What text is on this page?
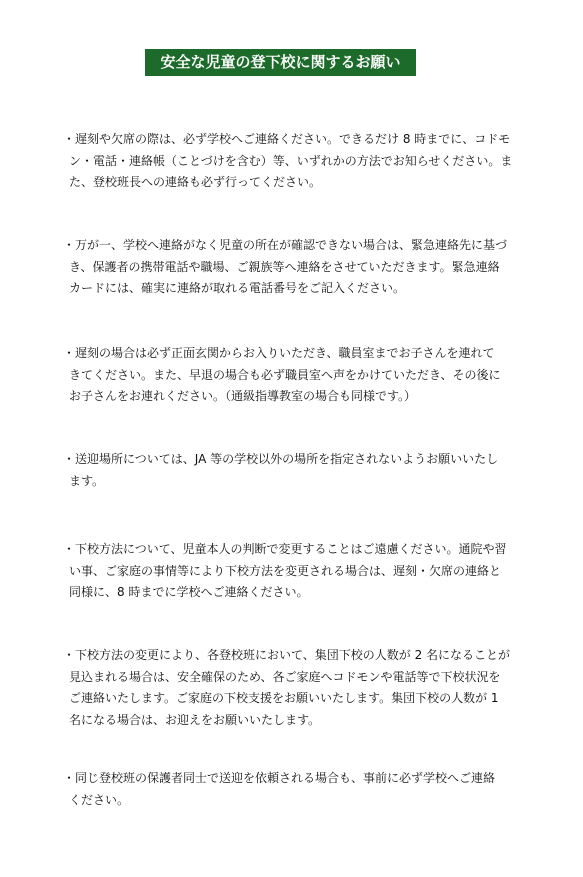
安全な児童の登下校に関するお願い
・遅刻や欠席の際は、必ず学校へご連絡ください。できるだけ 8 時までに、コドモ
ン・電話・連絡帳（ことづけを含む）等、いずれかの方法でお知らせください。ま
た、登校班長への連絡も必ず行ってください。
・万が一、学校へ連絡がなく児童の所在が確認できない場合は、緊急連絡先に基づ
き、保護者の携帯電話や職場、ご親族等へ連絡をさせていただきます。緊急連絡
カードには、確実に連絡が取れる電話番号をご記入ください。
・遅刻の場合は必ず正面玄関からお入りいただき、職員室までお子さんを連れて
きてください。また、早退の場合も必ず職員室へ声をかけていただき、その後に
お子さんをお連れください。（通級指導教室の場合も同様です。）
・送迎場所については、JA 等の学校以外の場所を指定されないようお願いいたし
ます。
・下校方法について、児童本人の判断で変更することはご遠慮ください。通院や習
い事、ご家庭の事情等により下校方法を変更される場合は、遅刻・欠席の連絡と
同様に、8 時までに学校へご連絡ください。
・下校方法の変更により、各登校班において、集団下校の人数が 2 名になることが
見込まれる場合は、安全確保のため、各ご家庭へコドモンや電話等で下校状況を
ご連絡いたします。ご家庭の下校支援をお願いいたします。集団下校の人数が 1
名になる場合は、お迎えをお願いいたします。
・同じ登校班の保護者同士で送迎を依頼される場合も、事前に必ず学校へご連絡
ください。
